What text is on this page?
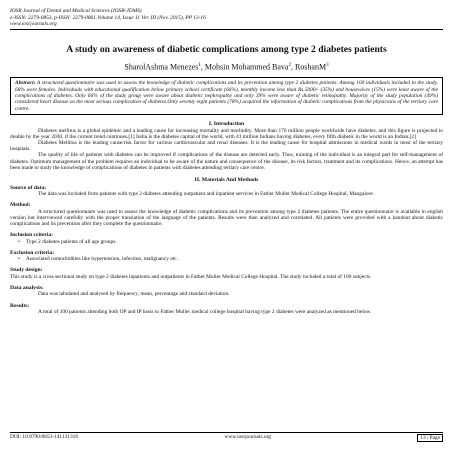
IOSR Journal of Dental and Medical Sciences (IOSR-JDMS)
e-ISSN: 2279-0853, p-ISSN: 2279-0861.Volume 14, Issue 11 Ver. III (Nov. 2015), PP 13-16
www.iosrjournals.org
A study on awareness of diabetic complications among type 2 diabetes patients
SharolAshma Menezes$^1$, Mohsin Mohammed Bava$^2$, RoshanM$^3$
Abstract: A structured questionnaire was used to assess the knowledge of diabetic complications and its prevention among type 2 diabetes patients. Among 100 individuals included in the study, 68% were females. Individuals with educational qualification below primary school certificate (66%), monthly income less than Rs.5000/- (35%) and housewives (15%) were least aware of the complications of diabetes. Only 66% of the study group were aware about diabetic nephropathy and only 39% were aware of diabetic retinopathy. Majority of the study population (49%) considered heart disease as the most serious complication of diabetes.Only seventy eight patients (78%) acquired the information of diabetic complications from the physicians of the tertiary care centre.
I. Introduction

Diabetes mellitus is a global epidemic and a leading cause for increasing mortality and morbidity. More than 170 million people worldwide have diabetes, and this figure is projected to double by the year 2030, if the current trend continues.[1] India is the diabetes capital of the world, with 41 million Indians having diabetes, every fifth diabetic in the world is an Indian.[2]

Diabetes Mellitus is the leading cause/risk factor for various cardiovascular and renal diseases. It is the leading cause for hospital admissions in medical wards in most of the tertiary hospitals.

The quality of life of patients with diabetes can be improved if complications of the disease are detected early. Thus, training of the individual is an integral part for self-management of diabetes. Optimum management of the problem requires an individual to be aware of the nature and consequence of the disease, its risk factors, treatment and its complications. Hence, an attempt has been made to study the knowledge of complications of diabetes in patients with diabetes attending tertiary care centre.

II. Materials And Methods
Source of data:

The data was included from patients with type 2 diabetes attending outpatient and inpatient services in Father Muller Medical College Hospital, Mangalore.

Method:

A structured questionnaire was used to assess the knowledge of diabetic complications and its prevention among type 2 diabetes patients. The entire questionnaire is available in english version but interviewed carefully with the proper translation of the language of the patients. Results were then analyzed and correlated. All patients were provided with a handout about diabetic complications and its prevention after they complete the questionnaire.

Inclusion criteria:
• Type 2 diabetes patients of all age groups.
Exclusion criteria:
• Associated comorbidities like hypertension, infection, malignancy etc.
Study design:

This study is a cross sectional study on type 2 diabetes inpatients and outpatients in Father Muller Medical College Hospital. The study included a total of 100 subjects.

Data analysis:

Data was tabulated and analysed by frequency, mean, percentage and standard deviation.

Results:

A total of 100 patients attending both OP and IP basis to Father Muller medical college hospital having type 2 diabetes were analyzed as mentioned below.

DOI: 10.9790/0853-141131316	www.iosrjournals.org	13 | Page
